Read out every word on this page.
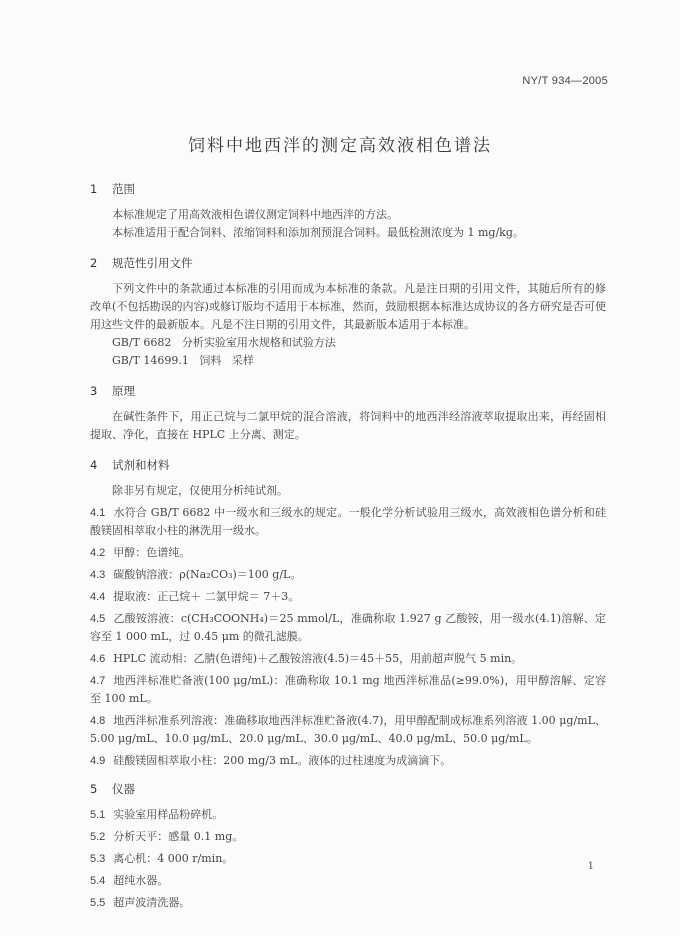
NY/T 934—2005
饲料中地西泮的测定高效液相色谱法
1 范围

本标准规定了用高效液相色谱仪测定饲料中地西泮的方法。

本标准适用于配合饲料、浓缩饲料和添加剂预混合饲料。最低检测浓度为 1 mg/kg。

2 规范性引用文件

下列文件中的条款通过本标准的引用而成为本标准的条款。凡是注日期的引用文件，其随后所有的修改单(不包括勘误的内容)或修订版均不适用于本标准，然而，鼓励根据本标准达成协议的各方研究是否可使用这些文件的最新版本。凡是不注日期的引用文件，其最新版本适用于本标准。

GB/T 6682   分析实验室用水规格和试验方法
GB/T 14699.1   饲料   采样
3 原理

在碱性条件下，用正己烷与二氯甲烷的混合溶液，将饲料中的地西泮经溶液萃取提取出来，再经固相提取、净化，直接在 HPLC 上分离、测定。

4 试剂和材料

除非另有规定，仅使用分析纯试剂。

4.1 水符合 GB/T 6682 中一级水和三级水的规定。一般化学分析试验用三级水，高效液相色谱分析和硅酸镁固相萃取小柱的淋洗用一级水。

4.2 甲醇：色谱纯。

4.3 碳酸钠溶液：ρ(Na₂CO₃)＝100 g/L。

4.4 提取液：正己烷＋ 二氯甲烷＝ 7＋3。

4.5 乙酸铵溶液：c(CH₃COONH₄)＝25 mmol/L，准确称取 1.927 g 乙酸铵，用一级水(4.1)溶解、定容至 1 000 mL，过 0.45 μm 的微孔滤膜。

4.6 HPLC 流动相：乙腈(色谱纯)＋乙酸铵溶液(4.5)＝45＋55，用前超声脱气 5 min。

4.7 地西泮标准贮备液(100 μg/mL)：准确称取 10.1 mg 地西泮标准品(≥99.0%)，用甲醇溶解、定容至 100 mL。

4.8 地西泮标准系列溶液：准确移取地西泮标准贮备液(4.7)，用甲醇配制成标准系列溶液 1.00 μg/mL、5.00 μg/mL、10.0 μg/mL、20.0 μg/mL、30.0 μg/mL、40.0 μg/mL、50.0 μg/mL。

4.9 硅酸镁固相萃取小柱：200 mg/3 mL。液体的过柱速度为成滴滴下。

5 仪器

5.1 实验室用样品粉碎机。

5.2 分析天平：感量 0.1 mg。

5.3 离心机：4 000 r/min。

5.4 超纯水器。

5.5 超声波清洗器。

1
